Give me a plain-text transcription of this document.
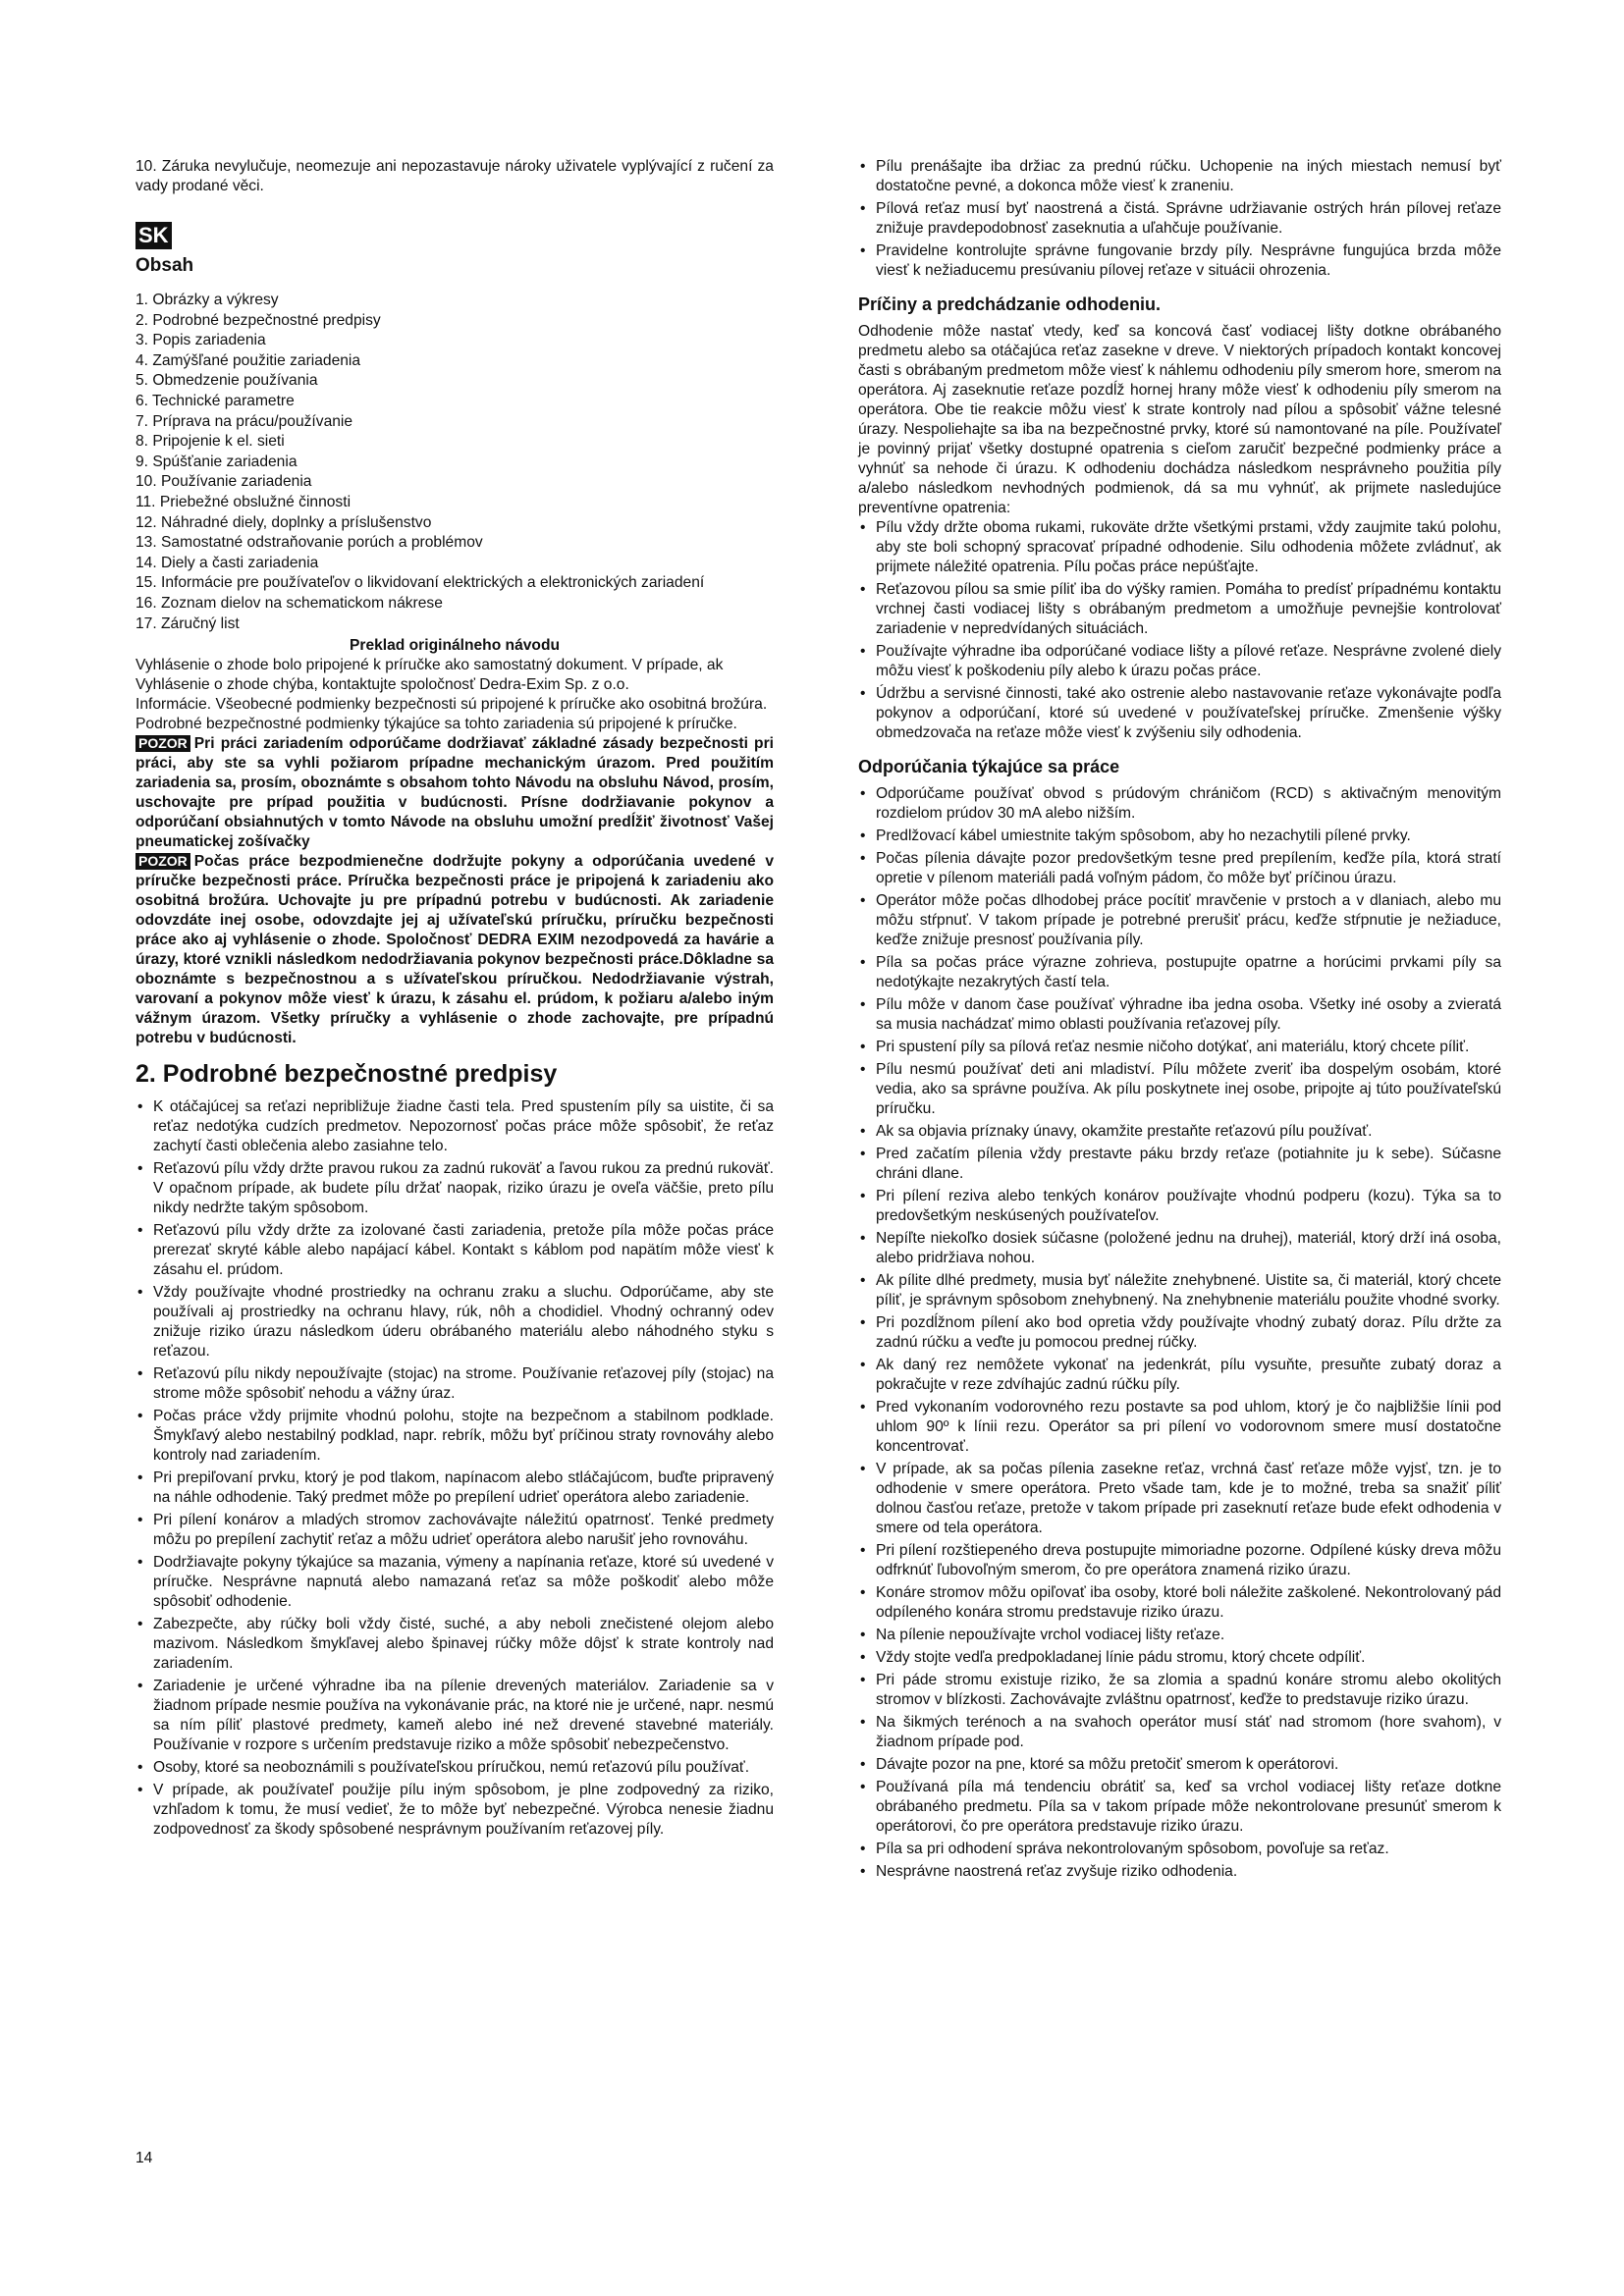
10. Záruka nevylučuje, neomezuje ani nepozastavuje nároky uživatele vyplývající z ručení za vady prodané věci.

SK
Obsah
1. Obrázky a výkresy
2. Podrobné bezpečnostné predpisy
3. Popis zariadenia
4. Zamýšľané použitie zariadenia
5. Obmedzenie používania
6. Technické parametre
7. Príprava na prácu/používanie
8. Pripojenie k el. sieti
9. Spúšťanie zariadenia
10. Používanie zariadenia
11. Priebežné obslužné činnosti
12. Náhradné diely, doplnky a príslušenstvo
13. Samostatné odstraňovanie porúch a problémov
14. Diely a časti zariadenia
15. Informácie pre používateľov o likvidovaní elektrických a elektronických zariadení
16. Zoznam dielov na schematickom nákrese
17. Záručný list
Preklad originálneho návodu

Vyhlásenie o zhode bolo pripojené k príručke ako samostatný dokument. V prípade, ak Vyhlásenie o zhode chýba, kontaktujte spoločnosť Dedra-Exim Sp. z o.o.

Informácie. Všeobecné podmienky bezpečnosti sú pripojené k príručke ako osobitná brožúra. Podrobné bezpečnostné podmienky týkajúce sa tohto zariadenia sú pripojené k príručke.

POZOR Pri práci zariadením odporúčame dodržiavať základné zásady bezpečnosti pri práci, aby ste sa vyhli požiarom prípadne mechanickým úrazom. Pred použitím zariadenia sa, prosím, oboznámte s obsahom tohto Návodu na obsluhu Návod, prosím, uschovajte pre prípad použitia v budúcnosti. Prísne dodržiavanie pokynov a odporúčaní obsiahnutých v tomto Návode na obsluhu umožní predĺžiť životnosť Vašej pneumatickej zošívačky

POZOR Počas práce bezpodmienečne dodržujte pokyny a odporúčania uvedené v príručke bezpečnosti práce. Príručka bezpečnosti práce je pripojená k zariadeniu ako osobitná brožúra. Uchovajte ju pre prípadnú potrebu v budúcnosti. Ak zariadenie odovzdáte inej osobe, odovzdajte jej aj užívateľskú príručku, príručku bezpečnosti práce ako aj vyhlásenie o zhode. Spoločnosť DEDRA EXIM nezodpovedá za havárie a úrazy, ktoré vznikli následkom nedodržiavania pokynov bezpečnosti práce.Dôkladne sa oboznámte s bezpečnostnou a s užívateľskou príručkou. Nedodržiavanie výstrah, varovaní a pokynov môže viesť k úrazu, k zásahu el. prúdom, k požiaru a/alebo iným vážnym úrazom. Všetky príručky a vyhlásenie o zhode zachovajte, pre prípadnú potrebu v budúcnosti.

2. Podrobné bezpečnostné predpisy
• K otáčajúcej sa reťazi nepribližuje žiadne časti tela. Pred spustením píly sa uistite, či sa reťaz nedotýka cudzích predmetov. Nepozornosť počas práce môže spôsobiť, že reťaz zachytí časti oblečenia alebo zasiahne telo.
• Reťazovú pílu vždy držte pravou rukou za zadnú rukoväť a ľavou rukou za prednú rukoväť. V opačnom prípade, ak budete pílu držať naopak, riziko úrazu je oveľa väčšie, preto pílu nikdy nedržte takým spôsobom.
• Reťazovú pílu vždy držte za izolované časti zariadenia, pretože píla môže počas práce prerezať skryté káble alebo napájací kábel. Kontakt s káblom pod napätím môže viesť k zásahu el. prúdom.
• Vždy používajte vhodné prostriedky na ochranu zraku a sluchu. Odporúčame, aby ste používali aj prostriedky na ochranu hlavy, rúk, nôh a chodidiel. Vhodný ochranný odev znižuje riziko úrazu následkom úderu obrábaného materiálu alebo náhodného styku s reťazou.
• Reťazovú pílu nikdy nepoužívajte (stojac) na strome. Používanie reťazovej píly (stojac) na strome môže spôsobiť nehodu a vážny úraz.
• Počas práce vždy prijmite vhodnú polohu, stojte na bezpečnom a stabilnom podklade. Šmykľavý alebo nestabilný podklad, napr. rebrík, môžu byť príčinou straty rovnováhy alebo kontroly nad zariadením.
• Pri prepiľovaní prvku, ktorý je pod tlakom, napínacom alebo stláčajúcom, buďte pripravený na náhle odhodenie. Taký predmet môže po prepílení udrieť operátora alebo zariadenie.
• Pri pílení konárov a mladých stromov zachovávajte náležitú opatrnosť. Tenké predmety môžu po prepílení zachytiť reťaz a môžu udrieť operátora alebo narušiť jeho rovnováhu.
• Dodržiavajte pokyny týkajúce sa mazania, výmeny a napínania reťaze, ktoré sú uvedené v príručke. Nesprávne napnutá alebo namazaná reťaz sa môže poškodiť alebo môže spôsobiť odhodenie.
• Zabezpečte, aby rúčky boli vždy čisté, suché, a aby neboli znečistené olejom alebo mazivom. Následkom šmykľavej alebo špinavej rúčky môže dôjsť k strate kontroly nad zariadením.
• Zariadenie je určené výhradne iba na pílenie drevených materiálov. Zariadenie sa v žiadnom prípade nesmie používa na vykonávanie prác, na ktoré nie je určené, napr. nesmú sa ním píliť plastové predmety, kameň alebo iné než drevené stavebné materiály. Používanie v rozpore s určením predstavuje riziko a môže spôsobiť nebezpečenstvo.
• Osoby, ktoré sa neoboznámili s používateľskou príručkou, nemú reťazovú pílu používať.
• V prípade, ak používateľ použije pílu iným spôsobom, je plne zodpovedný za riziko, vzhľadom k tomu, že musí vedieť, že to môže byť nebezpečné. Výrobca nenesie žiadnu zodpovednosť za škody spôsobené nesprávnym používaním reťazovej píly.
• Pílu prenášajte iba držiac za prednú rúčku. Uchopenie na iných miestach nemusí byť dostatočne pevné, a dokonca môže viesť k zraneniu.
• Pílová reťaz musí byť naostrená a čistá. Správne udržiavanie ostrých hrán pílovej reťaze znižuje pravdepodobnosť zaseknutia a uľahčuje používanie.
• Pravidelne kontrolujte správne fungovanie brzdy píly. Nesprávne fungujúca brzda môže viesť k nežiaducemu presúvaniu pílovej reťaze v situácii ohrozenia.
Príčiny a predchádzanie odhodeniu.

Odhodenie môže nastať vtedy, keď sa koncová časť vodiacej lišty dotkne obrábaného predmetu alebo sa otáčajúca reťaz zasekne v dreve. V niektorých prípadoch kontakt koncovej časti s obrábaným predmetom môže viesť k náhlemu odhodeniu píly smerom hore, smerom na operátora. Aj zaseknutie reťaze pozdĺž hornej hrany môže viesť k odhodeniu píly smerom na operátora. Obe tie reakcie môžu viesť k strate kontroly nad pílou a spôsobiť vážne telesné úrazy. Nespoliehajte sa iba na bezpečnostné prvky, ktoré sú namontované na píle. Používateľ je povinný prijať všetky dostupné opatrenia s cieľom zaručiť bezpečné podmienky práce a vyhnúť sa nehode či úrazu. K odhodeniu dochádza následkom nesprávneho použitia píly a/alebo následkom nevhodných podmienok, dá sa mu vyhnúť, ak prijmete nasledujúce preventívne opatrenia:

• Pílu vždy držte oboma rukami, rukoväte držte všetkými prstami, vždy zaujmite takú polohu, aby ste boli schopný spracovať prípadné odhodenie. Silu odhodenia môžete zvládnuť, ak prijmete náležité opatrenia. Pílu počas práce nepúšťajte.
• Reťazovou pílou sa smie píliť iba do výšky ramien. Pomáha to predísť prípadnému kontaktu vrchnej časti vodiacej lišty s obrábaným predmetom a umožňuje pevnejšie kontrolovať zariadenie v nepredvídaných situáciách.
• Používajte výhradne iba odporúčané vodiace lišty a pílové reťaze. Nesprávne zvolené diely môžu viesť k poškodeniu píly alebo k úrazu počas práce.
• Údržbu a servisné činnosti, také ako ostrenie alebo nastavovanie reťaze vykonávajte podľa pokynov a odporúčaní, ktoré sú uvedené v používateľskej príručke. Zmenšenie výšky obmedzovača na reťaze môže viesť k zvýšeniu sily odhodenia.
Odporúčania týkajúce sa práce
• Odporúčame používať obvod s prúdovým chráničom (RCD) s aktivačným menovitým rozdielom prúdov 30 mA alebo nižším.
• Predlžovací kábel umiestnite takým spôsobom, aby ho nezachytili pílené prvky.
• Počas pílenia dávajte pozor predovšetkým tesne pred prepílením, keďže píla, ktorá stratí opretie v pílenom materiáli padá voľným pádom, čo môže byť príčinou úrazu.
• Operátor môže počas dlhodobej práce pocítiť mravčenie v prstoch a v dlaniach, alebo mu môžu stŕpnuť. V takom prípade je potrebné prerušiť prácu, keďže stŕpnutie je nežiaduce, keďže znižuje presnosť používania píly.
• Píla sa počas práce výrazne zohrieva, postupujte opatrne a horúcimi prvkami píly sa nedotýkajte nezakrytých častí tela.
• Pílu môže v danom čase používať výhradne iba jedna osoba. Všetky iné osoby a zvieratá sa musia nachádzať mimo oblasti používania reťazovej píly.
• Pri spustení píly sa pílová reťaz nesmie ničoho dotýkať, ani materiálu, ktorý chcete píliť.
• Pílu nesmú používať deti ani mladiství. Pílu môžete zveriť iba dospelým osobám, ktoré vedia, ako sa správne používa. Ak pílu poskytnete inej osobe, pripojte aj túto používateľskú príručku.
• Ak sa objavia príznaky únavy, okamžite prestaňte reťazovú pílu používať.
• Pred začatím pílenia vždy prestavte páku brzdy reťaze (potiahnite ju k sebe). Súčasne chráni dlane.
• Pri pílení reziva alebo tenkých konárov používajte vhodnú podperu (kozu). Týka sa to predovšetkým neskúsených používateľov.
• Nepíľte niekoľko dosiek súčasne (položené jednu na druhej), materiál, ktorý drží iná osoba, alebo pridržiava nohou.
• Ak pílite dlhé predmety, musia byť náležite znehybnené. Uistite sa, či materiál, ktorý chcete píliť, je správnym spôsobom znehybnený. Na znehybnenie materiálu použite vhodné svorky.
• Pri pozdĺžnom pílení ako bod opretia vždy používajte vhodný zubatý doraz. Pílu držte za zadnú rúčku a veďte ju pomocou prednej rúčky.
• Ak daný rez nemôžete vykonať na jedenkrát, pílu vysuňte, presuňte zubatý doraz a pokračujte v reze zdvíhajúc zadnú rúčku píly.
• Pred vykonaním vodorovného rezu postavte sa pod uhlom, ktorý je čo najbližšie línii pod uhlom 90º k línii rezu. Operátor sa pri pílení vo vodorovnom smere musí dostatočne koncentrovať.
• V prípade, ak sa počas pílenia zasekne reťaz, vrchná časť reťaze môže vyjsť, tzn. je to odhodenie v smere operátora. Preto všade tam, kde je to možné, treba sa snažiť píliť dolnou časťou reťaze, pretože v takom prípade pri zaseknutí reťaze bude efekt odhodenia v smere od tela operátora.
• Pri pílení rozštiepeného dreva postupujte mimoriadne pozorne. Odpílené kúsky dreva môžu odfrknúť ľubovoľným smerom, čo pre operátora znamená riziko úrazu.
• Konáre stromov môžu opiľovať iba osoby, ktoré boli náležite zaškolené. Nekontrolovaný pád odpíleného konára stromu predstavuje riziko úrazu.
• Na pílenie nepoužívajte vrchol vodiacej lišty reťaze.
• Vždy stojte vedľa predpokladanej línie pádu stromu, ktorý chcete odpíliť.
• Pri páde stromu existuje riziko, že sa zlomia a spadnú konáre stromu alebo okolitých stromov v blízkosti. Zachovávajte zvláštnu opatrnosť, keďže to predstavuje riziko úrazu.
• Na šikmých terénoch a na svahoch operátor musí stáť nad stromom (hore svahom), v žiadnom prípade pod.
• Dávajte pozor na pne, ktoré sa môžu pretočiť smerom k operátorovi.
• Používaná píla má tendenciu obrátiť sa, keď sa vrchol vodiacej lišty reťaze dotkne obrábaného predmetu. Píla sa v takom prípade môže nekontrolovane presunúť smerom k operátorovi, čo pre operátora predstavuje riziko úrazu.
• Píla sa pri odhodení správa nekontrolovaným spôsobom, povoľuje sa reťaz.
• Nesprávne naostrená reťaz zvyšuje riziko odhodenia.
14
